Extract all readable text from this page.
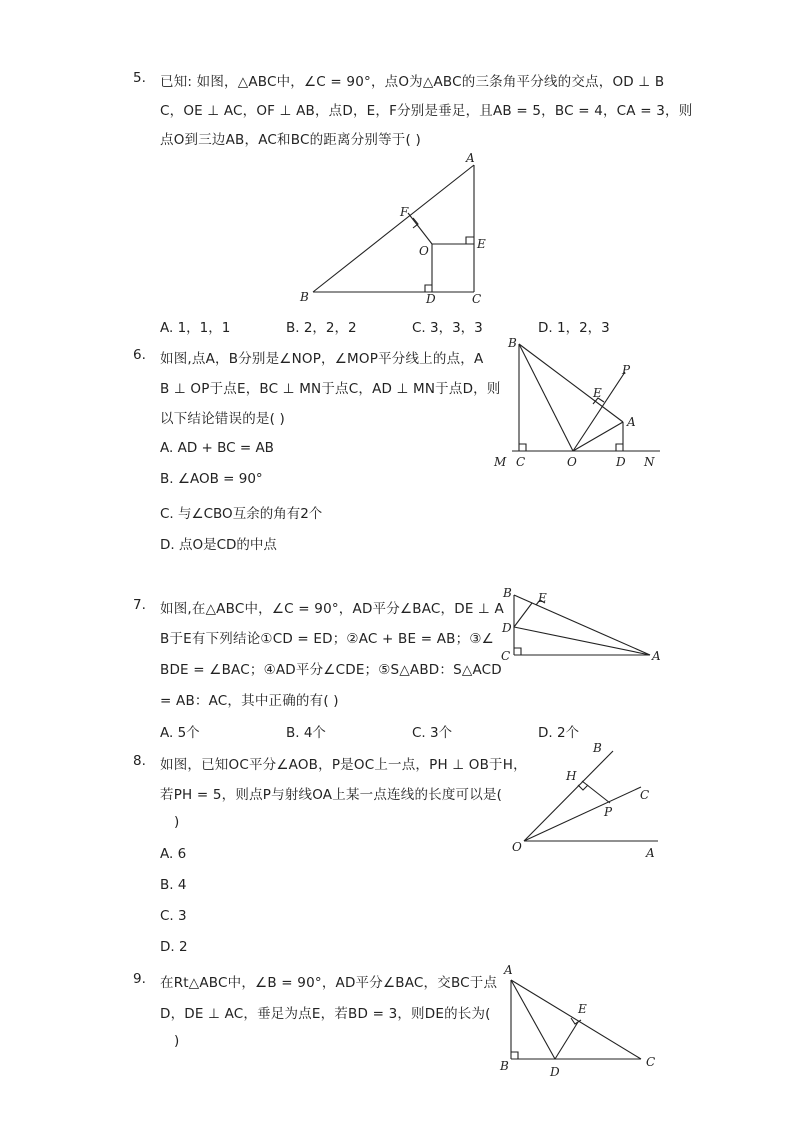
5. 已知: 如图，△ABC中，∠C = 90°，点O为△ABC的三条角平分线的交点，OD ⊥ B
C，OE ⊥ AC，OF ⊥ AB，点D，E，F分别是垂足，且AB = 5，BC = 4，CA = 3，则
点O到三边AB，AC和BC的距离分别等于( )
A
B	C
D
E
F
O
A. 1，1，1	B. 2，2，2	C. 3，3，3	D. 1，2，3
6. 如图,点A，B分别是∠NOP，∠MOP平分线上的点，A
B ⊥ OP于点E，BC ⊥ MN于点C，AD ⊥ MN于点D，则
以下结论错误的是( )
B
P
E
A
M C	O	D N
A. AD + BC = AB
B. ∠AOB = 90°
C. 与∠CBO互余的角有2个
D. 点O是CD的中点
7. 如图,在△ABC中，∠C = 90°，AD平分∠BAC，DE ⊥ A
B于E有下列结论①CD = ED；②AC + BE = AB；③∠
BDE = ∠BAC；④AD平分∠CDE；⑤S△ABD：S△ACD
= AB：AC，其中正确的有( )
B E
D
C	A
A. 5个	B. 4个	C. 3个	D. 2个
8. 如图，已知OC平分∠AOB，P是OC上一点，PH ⊥ OB于H，
若PH = 5，则点P与射线OA上某一点连线的长度可以是(
)
B
H
C
P
O	A
A. 6
B. 4
C. 3
D. 2
9. 在Rt△ABC中，∠B = 90°，AD平分∠BAC，交BC于点
D，DE ⊥ AC，垂足为点E，若BD = 3，则DE的长为(
)
A
E
B	D
C
